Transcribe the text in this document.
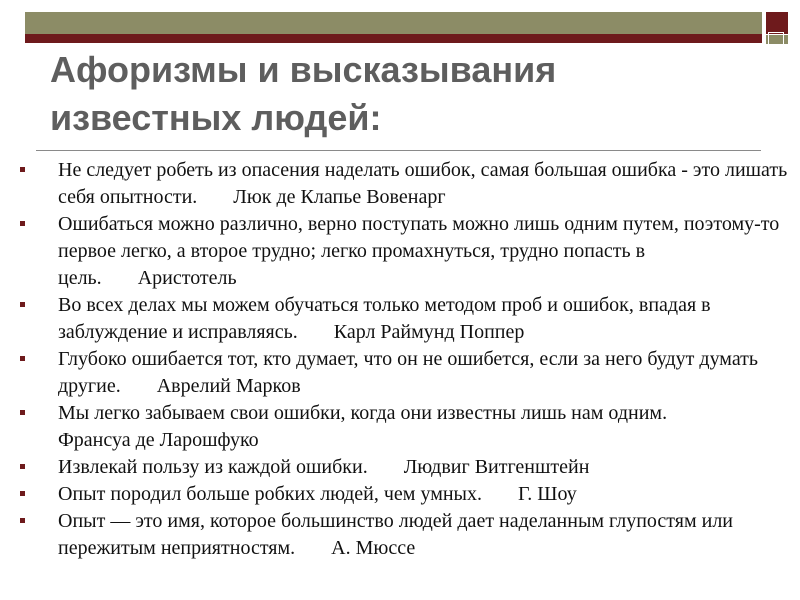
Афоризмы и высказывания
известных людей:
Не следует робеть из опасения наделать ошибок, самая большая ошибка - это лишать себя опытности. Люк де Клапье Вовенарг
Ошибаться можно различно, верно поступать можно лишь одним путем, поэтому-то первое легко, а второе трудно; легко промахнуться, трудно попасть в цель. Аристотель
Во всех делах мы можем обучаться только методом проб и ошибок, впадая в заблуждение и исправляясь. Карл Раймунд Поппер
Глубоко ошибается тот, кто думает, что он не ошибется, если за него будут думать другие. Аврелий Марков
Мы легко забываем свои ошибки, когда они известны лишь нам одним.
Франсуа де Ларошфуко
Извлекай пользу из каждой ошибки. Людвиг Витгенштейн
Опыт породил больше робких людей, чем умных. Г. Шоу
Опыт — это имя, которое большинство людей дает наделанным глупостям или пережитым неприятностям. А. Мюссе
